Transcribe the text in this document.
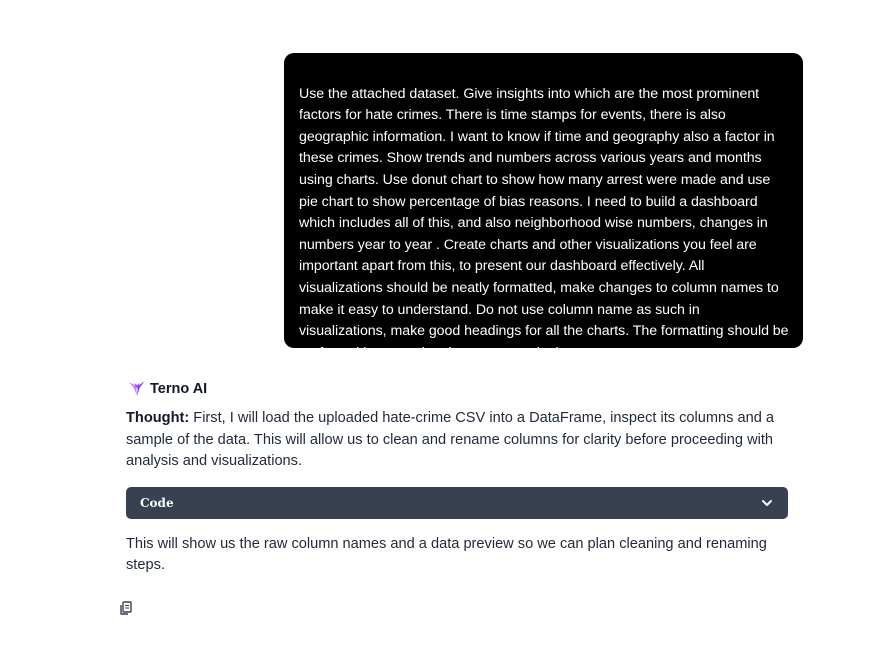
Use the attached dataset. Give insights into which are the most prominent factors for hate crimes. There is time stamps for events, there is also geographic information. I want to know if time and geography also a factor in these crimes. Show trends and numbers across various years and months using charts. Use donut chart to show how many arrest were made and use pie chart to show percentage of bias reasons. I need to build a dashboard which includes all of this, and also neighborhood wise numbers, changes in numbers year to year . Create charts and other visualizations you feel are important apart from this, to present our dashboard effectively. All visualizations should be neatly formatted, make changes to column names to make it easy to understand. Do not use column name as such in visualizations, make good headings for all the charts. The formatting should be perfect with no overlapping text or cut in the corners.

Terno AI
Thought: First, I will load the uploaded hate-crime CSV into a DataFrame, inspect its columns and a sample of the data. This will allow us to clean and rename columns for clarity before proceeding with analysis and visualizations.
Code
This will show us the raw column names and a data preview so we can plan cleaning and renaming steps.
